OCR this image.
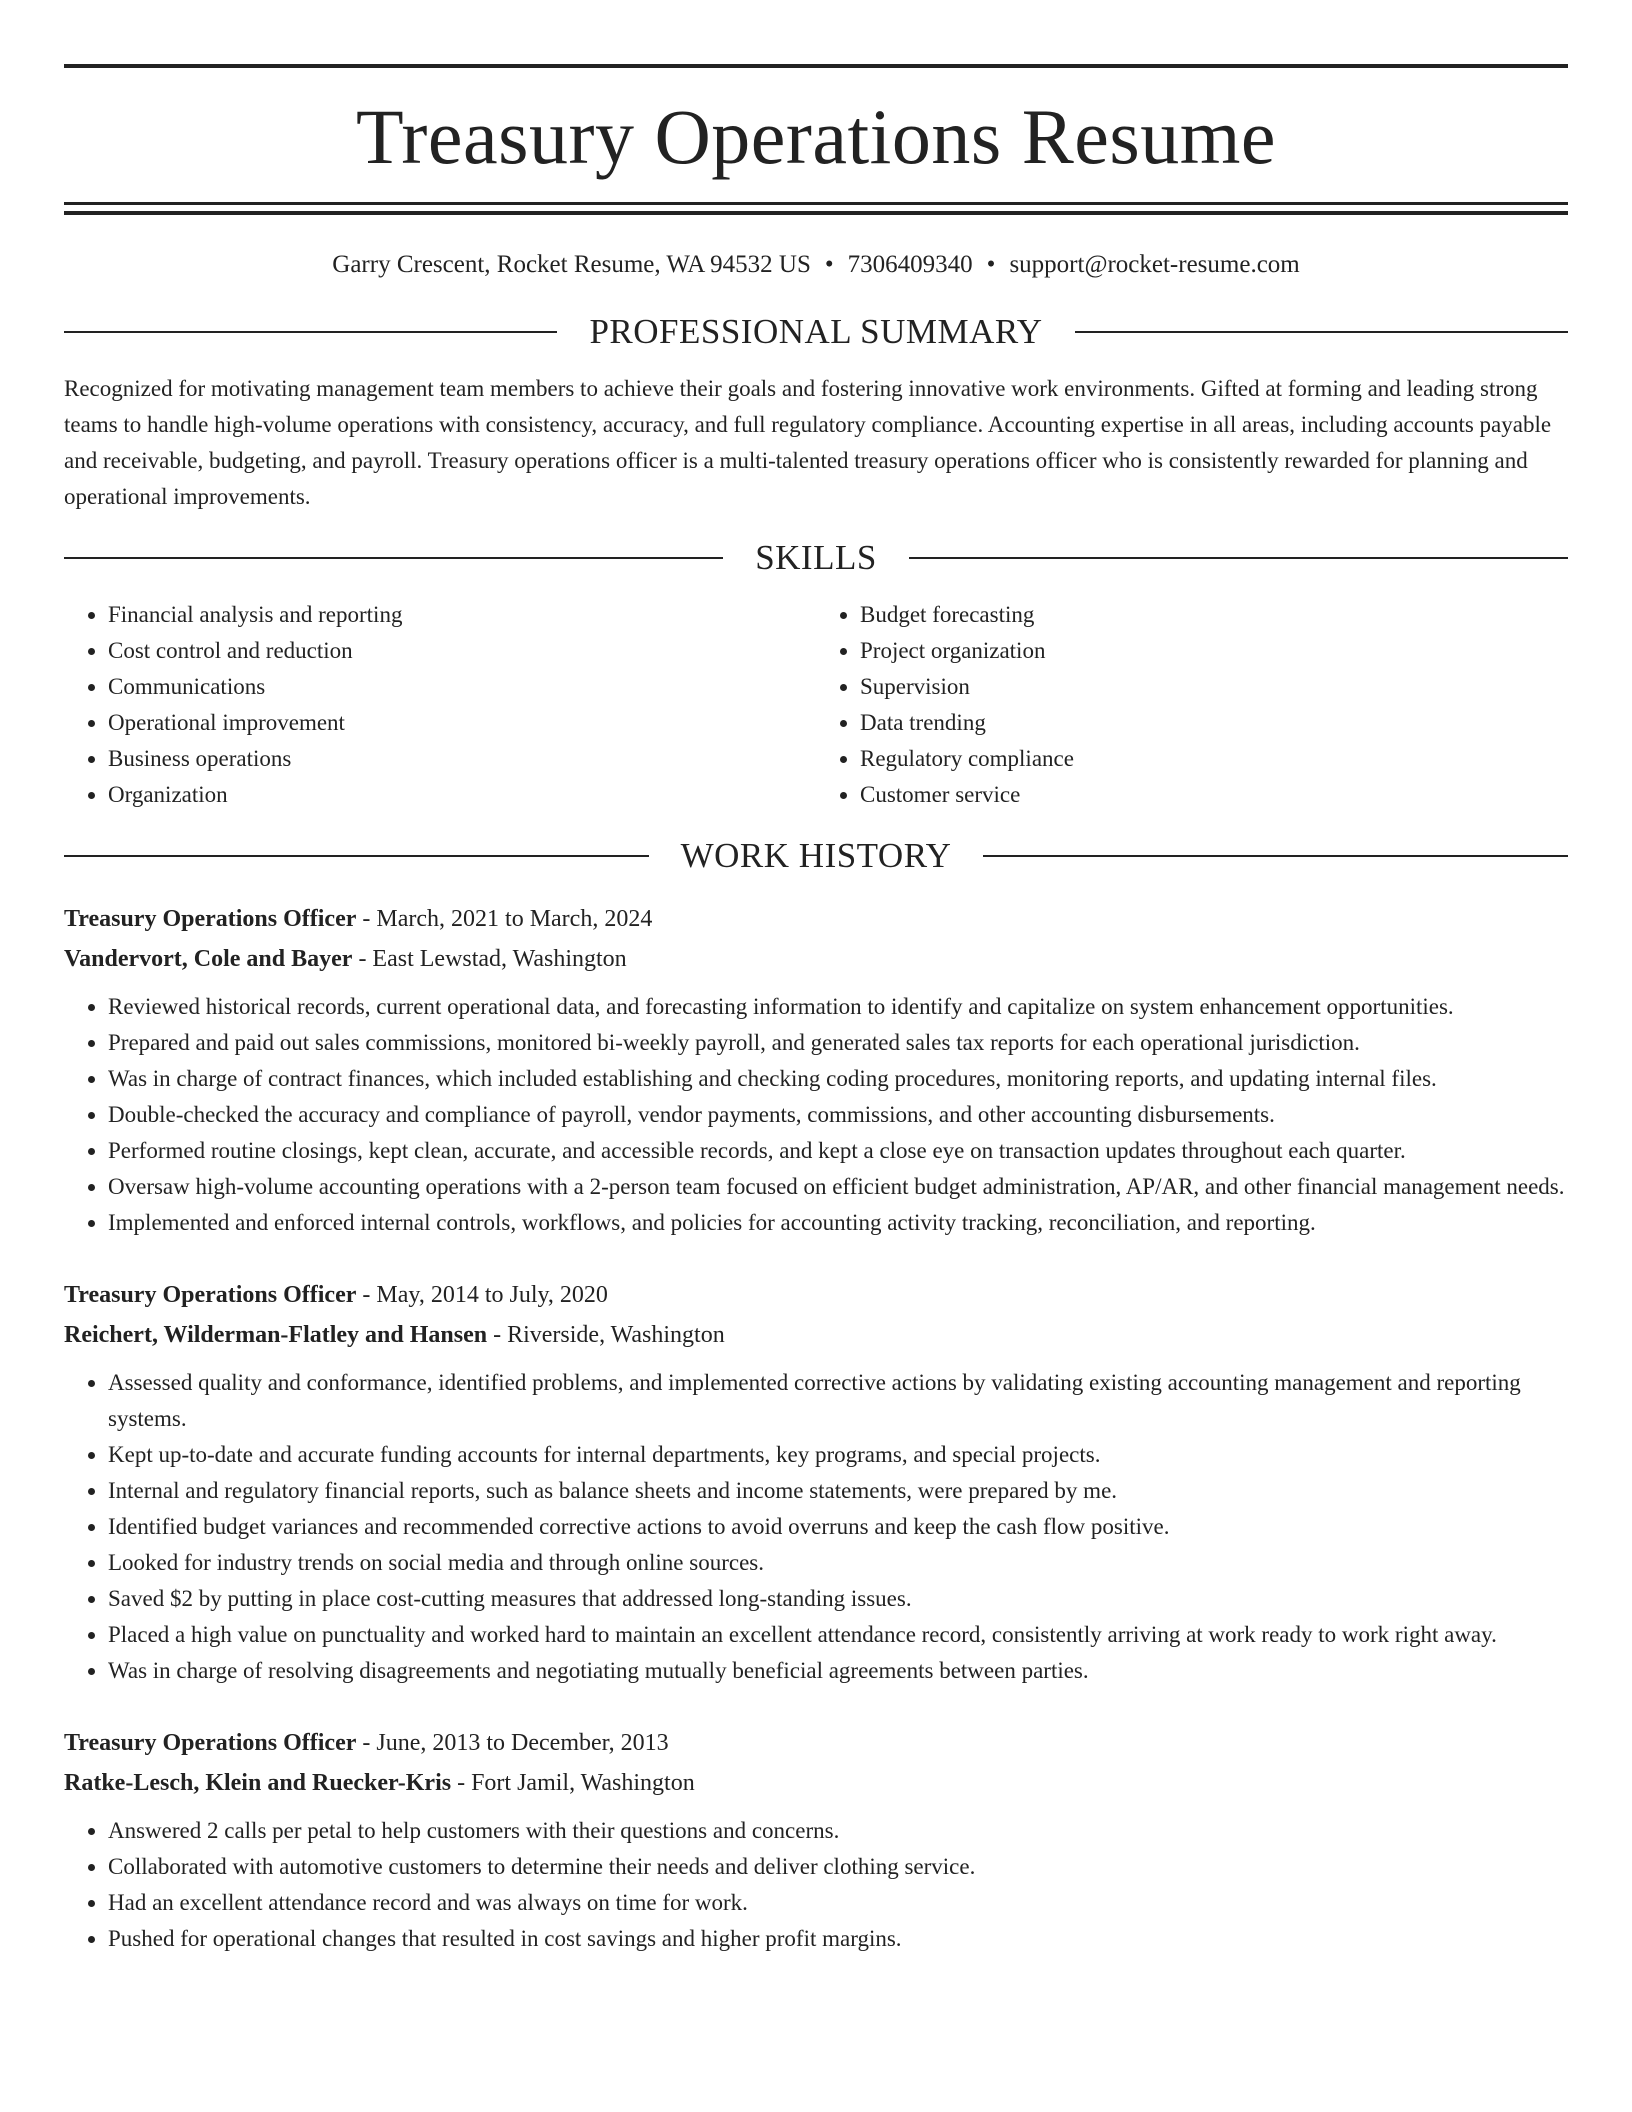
Treasury Operations Resume
Garry Crescent, Rocket Resume, WA 94532 US • 7306409340 • support@rocket-resume.com
PROFESSIONAL SUMMARY

Recognized for motivating management team members to achieve their goals and fostering innovative work environments. Gifted at forming and leading strong teams to handle high-volume operations with consistency, accuracy, and full regulatory compliance. Accounting expertise in all areas, including accounts payable and receivable, budgeting, and payroll. Treasury operations officer is a multi-talented treasury operations officer who is consistently rewarded for planning and operational improvements.

SKILLS
• Financial analysis and reporting
• Cost control and reduction
• Communications
• Operational improvement
• Business operations
• Organization
• Budget forecasting
• Project organization
• Supervision
• Data trending
• Regulatory compliance
• Customer service
WORK HISTORY
Treasury Operations Officer - March, 2021 to March, 2024
Vandervort, Cole and Bayer - East Lewstad, Washington
• Reviewed historical records, current operational data, and forecasting information to identify and capitalize on system enhancement opportunities.
• Prepared and paid out sales commissions, monitored bi-weekly payroll, and generated sales tax reports for each operational jurisdiction.
• Was in charge of contract finances, which included establishing and checking coding procedures, monitoring reports, and updating internal files.
• Double-checked the accuracy and compliance of payroll, vendor payments, commissions, and other accounting disbursements.
• Performed routine closings, kept clean, accurate, and accessible records, and kept a close eye on transaction updates throughout each quarter.
• Oversaw high-volume accounting operations with a 2-person team focused on efficient budget administration, AP/AR, and other financial management needs.
• Implemented and enforced internal controls, workflows, and policies for accounting activity tracking, reconciliation, and reporting.
Treasury Operations Officer - May, 2014 to July, 2020
Reichert, Wilderman-Flatley and Hansen - Riverside, Washington
• Assessed quality and conformance, identified problems, and implemented corrective actions by validating existing accounting management and reporting systems.
• Kept up-to-date and accurate funding accounts for internal departments, key programs, and special projects.
• Internal and regulatory financial reports, such as balance sheets and income statements, were prepared by me.
• Identified budget variances and recommended corrective actions to avoid overruns and keep the cash flow positive.
• Looked for industry trends on social media and through online sources.
• Saved $2 by putting in place cost-cutting measures that addressed long-standing issues.
• Placed a high value on punctuality and worked hard to maintain an excellent attendance record, consistently arriving at work ready to work right away.
• Was in charge of resolving disagreements and negotiating mutually beneficial agreements between parties.
Treasury Operations Officer - June, 2013 to December, 2013
Ratke-Lesch, Klein and Ruecker-Kris - Fort Jamil, Washington
• Answered 2 calls per petal to help customers with their questions and concerns.
• Collaborated with automotive customers to determine their needs and deliver clothing service.
• Had an excellent attendance record and was always on time for work.
• Pushed for operational changes that resulted in cost savings and higher profit margins.
